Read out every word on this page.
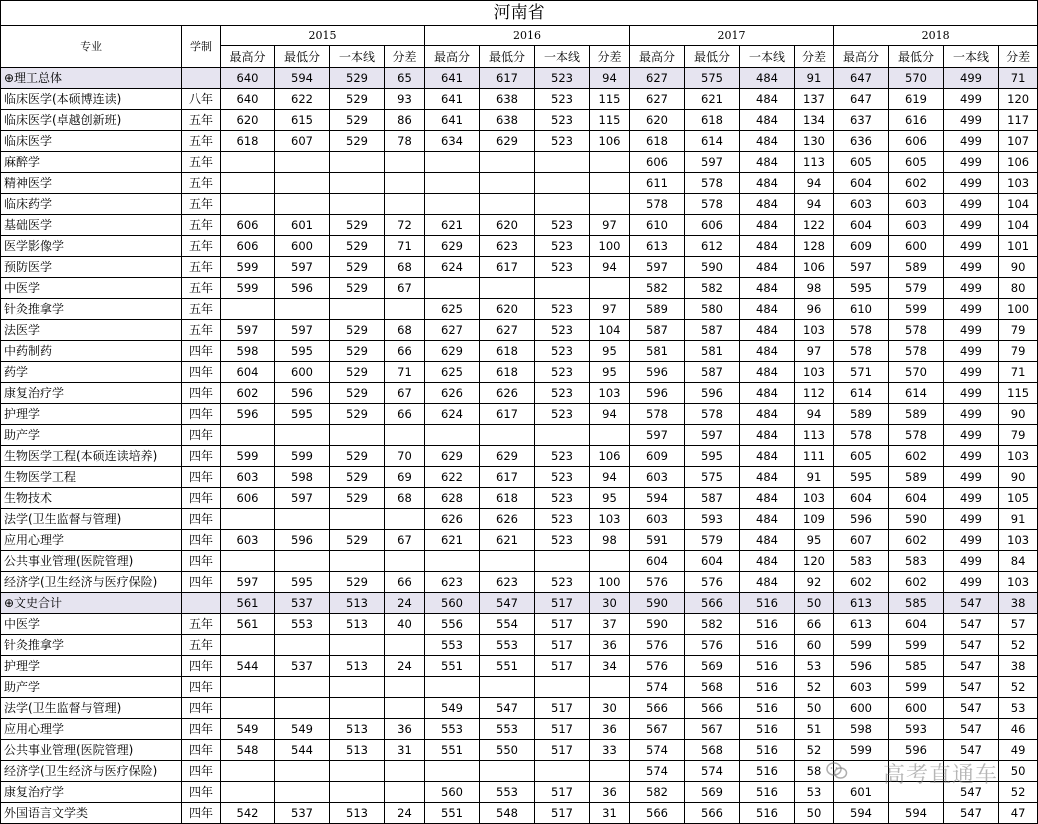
河南省																	
专业	学制	2015				2016				2017				2018			
		最高分	最低分	一本线	分差	最高分	最低分	一本线	分差	最高分	最低分	一本线	分差	最高分	最低分	一本线	分差
⊕理工总体		640	594	529	65	641	617	523	94	627	575	484	91	647	570	499	71
临床医学(本硕博连读)	八年	640	622	529	93	641	638	523	115	627	621	484	137	647	619	499	120
临床医学(卓越创新班)	五年	620	615	529	86	641	638	523	115	620	618	484	134	637	616	499	117
临床医学	五年	618	607	529	78	634	629	523	106	618	614	484	130	636	606	499	107
麻醉学	五年									606	597	484	113	605	605	499	106
精神医学	五年									611	578	484	94	604	602	499	103
临床药学	五年									578	578	484	94	603	603	499	104
基础医学	五年	606	601	529	72	621	620	523	97	610	606	484	122	604	603	499	104
医学影像学	五年	606	600	529	71	629	623	523	100	613	612	484	128	609	600	499	101
预防医学	五年	599	597	529	68	624	617	523	94	597	590	484	106	597	589	499	90
中医学	五年	599	596	529	67					582	582	484	98	595	579	499	80
针灸推拿学	五年					625	620	523	97	589	580	484	96	610	599	499	100
法医学	五年	597	597	529	68	627	627	523	104	587	587	484	103	578	578	499	79
中药制药	四年	598	595	529	66	629	618	523	95	581	581	484	97	578	578	499	79
药学	四年	604	600	529	71	625	618	523	95	596	587	484	103	571	570	499	71
康复治疗学	四年	602	596	529	67	626	626	523	103	596	596	484	112	614	614	499	115
护理学	四年	596	595	529	66	624	617	523	94	578	578	484	94	589	589	499	90
助产学	四年									597	597	484	113	578	578	499	79
生物医学工程(本硕连读培养)	四年	599	599	529	70	629	629	523	106	609	595	484	111	605	602	499	103
生物医学工程	四年	603	598	529	69	622	617	523	94	603	575	484	91	595	589	499	90
生物技术	四年	606	597	529	68	628	618	523	95	594	587	484	103	604	604	499	105
法学(卫生监督与管理)	四年					626	626	523	103	603	593	484	109	596	590	499	91
应用心理学	四年	603	596	529	67	621	621	523	98	591	579	484	95	607	602	499	103
公共事业管理(医院管理)	四年									604	604	484	120	583	583	499	84
经济学(卫生经济与医疗保险)	四年	597	595	529	66	623	623	523	100	576	576	484	92	602	602	499	103
⊕文史合计		561	537	513	24	560	547	517	30	590	566	516	50	613	585	547	38
中医学	五年	561	553	513	40	556	554	517	37	590	582	516	66	613	604	547	57
针灸推拿学	五年					553	553	517	36	576	576	516	60	599	599	547	52
护理学	四年	544	537	513	24	551	551	517	34	576	569	516	53	596	585	547	38
助产学	四年									574	568	516	52	603	599	547	52
法学(卫生监督与管理)	四年					549	547	517	30	566	566	516	50	600	600	547	53
应用心理学	四年	549	549	513	36	553	553	517	36	567	567	516	51	598	593	547	46
公共事业管理(医院管理)	四年	548	544	513	31	551	550	517	33	574	568	516	52	599	596	547	49
经济学(卫生经济与医疗保险)	四年									574	574	516	58				50
康复治疗学	四年					560	553	517	36	582	569	516	53	601		547	52
外国语言文学类	四年	542	537	513	24	551	548	517	31	566	566	516	50	594	594	547	47
高考直通车
